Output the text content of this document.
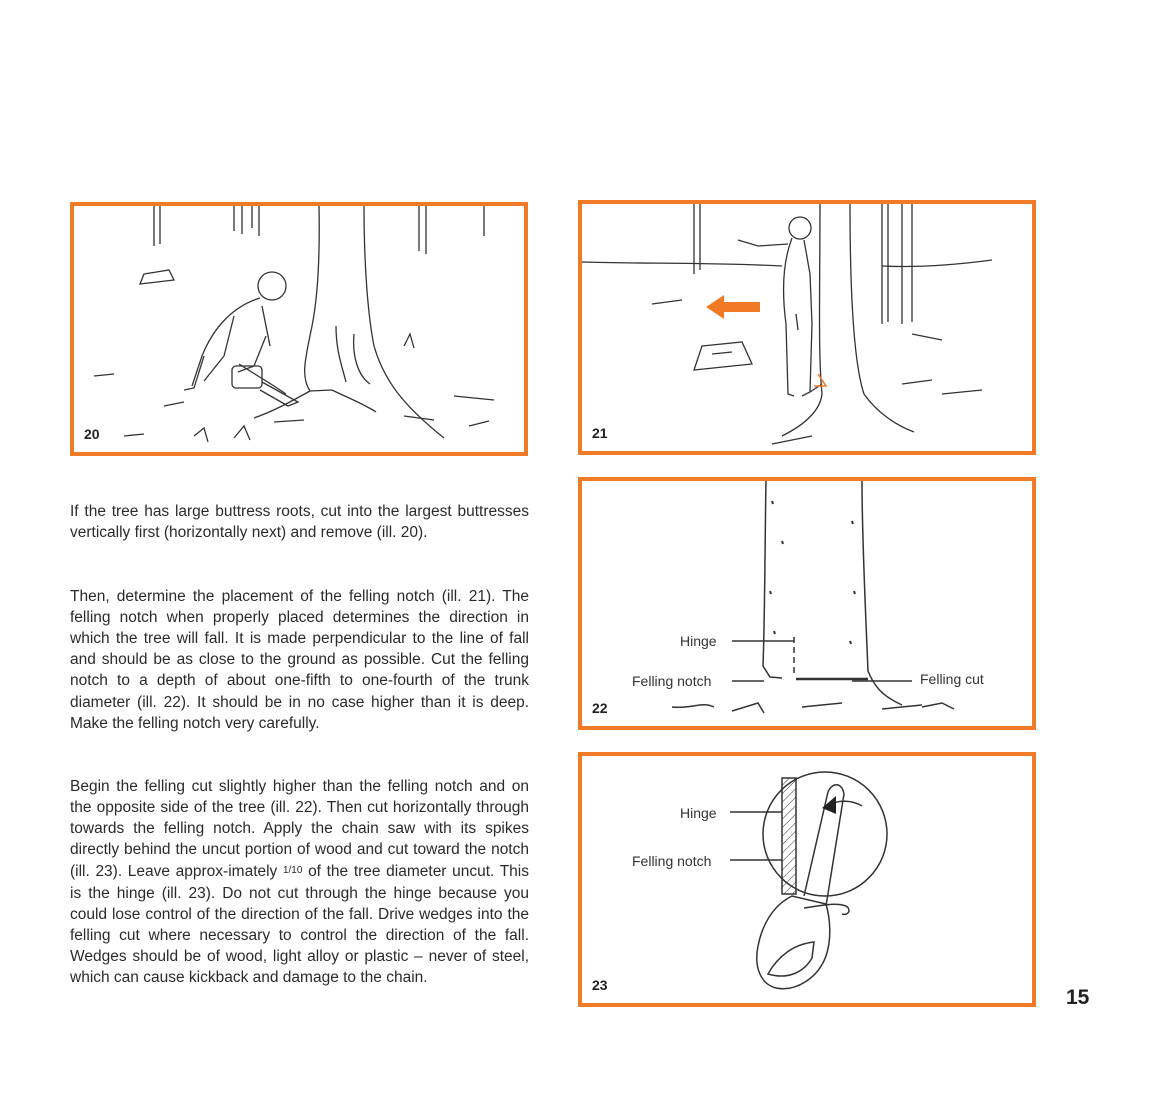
20	21
Hinge
Felling notch	Felling cut
22
Hinge
Felling notch
23

If the tree has large buttress roots, cut into the largest buttresses vertically first (horizontally next) and remove (ill. 20).

Then, determine the placement of the felling notch (ill. 21). The felling notch when properly placed determines the direction in which the tree will fall. It is made perpendicular to the line of fall and should be as close to the ground as possible. Cut the felling notch to a depth of about one-fifth to one-fourth of the trunk diameter (ill. 22). It should be in no case higher than it is deep. Make the felling notch very carefully.

Begin the felling cut slightly higher than the felling notch and on the opposite side of the tree (ill. 22). Then cut horizontally through towards the felling notch. Apply the chain saw with its spikes directly behind the uncut portion of wood and cut toward the notch (ill. 23). Leave approx-imately 1/10 of the tree diameter uncut. This is the hinge (ill. 23). Do not cut through the hinge because you could lose control of the direction of the fall. Drive wedges into the felling cut where necessary to control the direction of the fall. Wedges should be of wood, light alloy or plastic – never of steel, which can cause kickback and damage to the chain.

15
